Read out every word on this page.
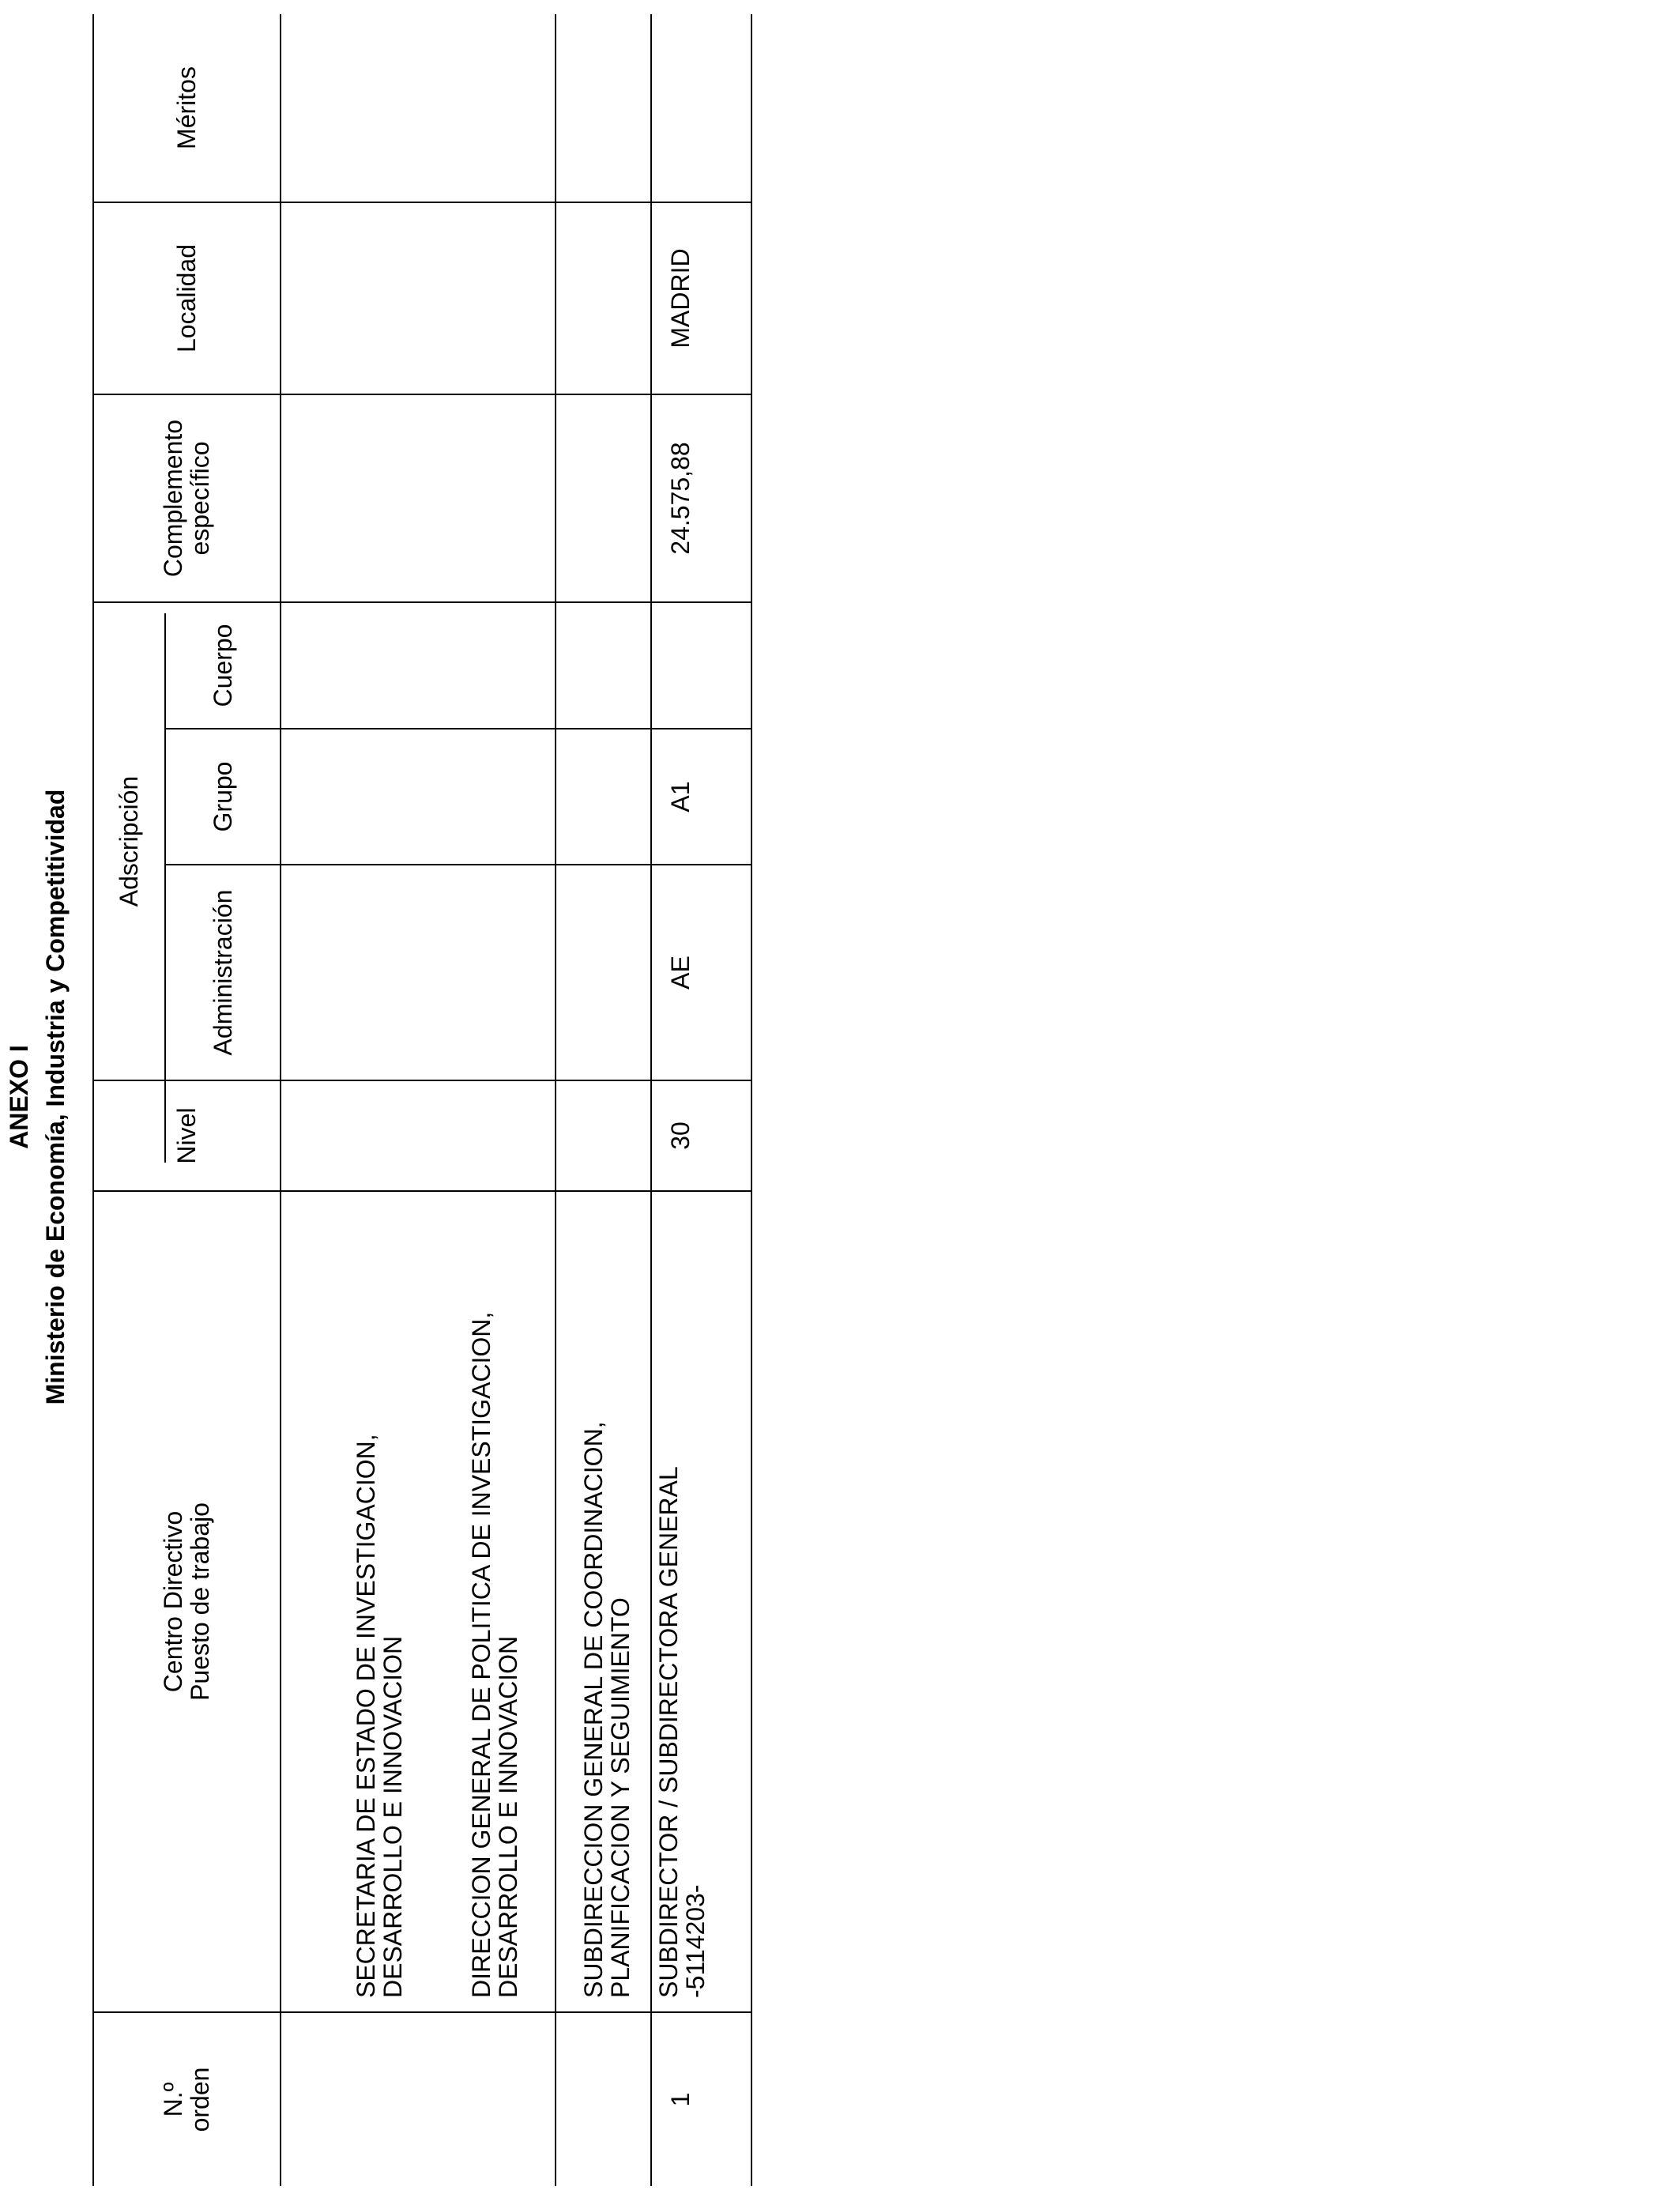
ANEXO I Ministerio de Economía, Industria y Competitividad
N.º
orden
Centro Directivo
Puesto de trabajo
Nivel
Adscripción
Administración
Grupo
Cuerpo
Complemento
específico
Localidad
Méritos
SECRETARIA DE ESTADO DE INVESTIGACION,
DESARROLLO E INNOVACION
DIRECCION GENERAL DE POLITICA DE INVESTIGACION,
DESARROLLO E INNOVACION
SUBDIRECCION GENERAL DE COORDINACION,
PLANIFICACION Y SEGUIMIENTO
1
SUBDIRECTOR / SUBDIRECTORA GENERAL
-5114203-
30
AE
A1
24.575,88
MADRID
